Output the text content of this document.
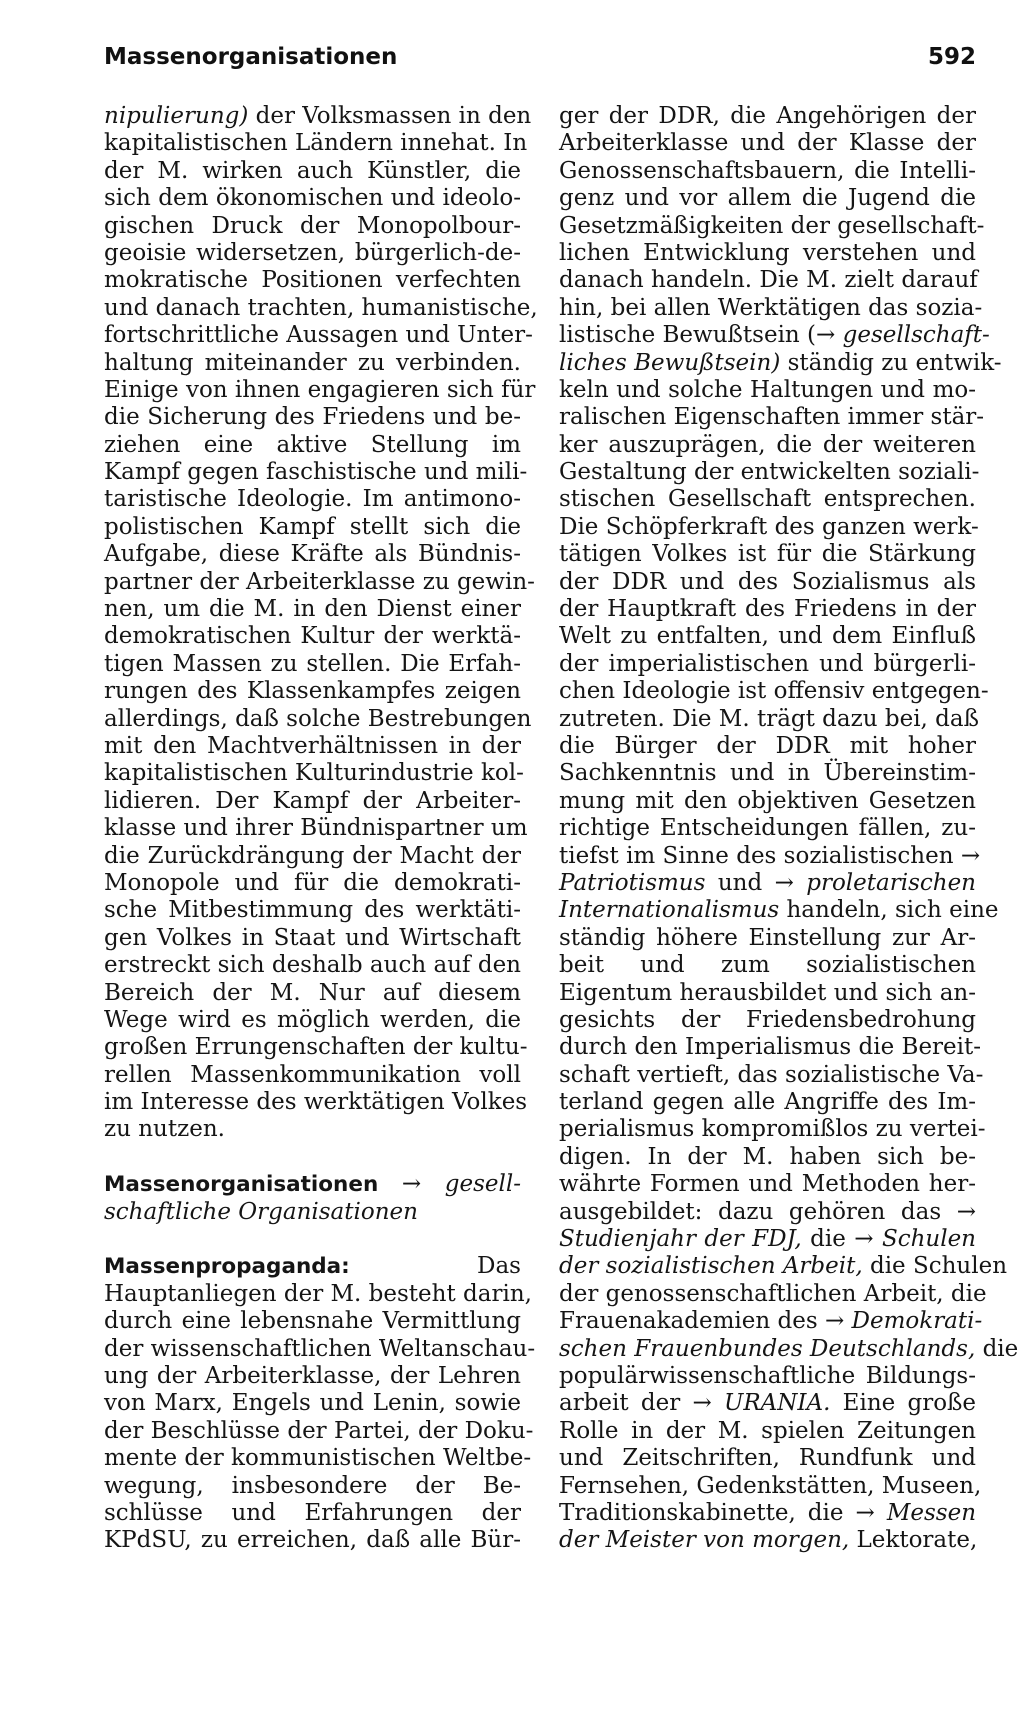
Massenorganisationen	592
nipulierung) der Volksmassen in den
kapitalistischen Ländern innehat. In
der M. wirken auch Künstler, die
sich dem ökonomischen und ideolo-
gischen Druck der Monopolbour-
geoisie widersetzen, bürgerlich-de-
mokratische Positionen verfechten
und danach trachten, humanistische,
fortschrittliche Aussagen und Unter-
haltung miteinander zu verbinden.
Einige von ihnen engagieren sich für
die Sicherung des Friedens und be-
ziehen eine aktive Stellung im
Kampf gegen faschistische und mili-
taristische Ideologie. Im antimono-
polistischen Kampf stellt sich die
Aufgabe, diese Kräfte als Bündnis-
partner der Arbeiterklasse zu gewin-
nen, um die M. in den Dienst einer
demokratischen Kultur der werktä-
tigen Massen zu stellen. Die Erfah-
rungen des Klassenkampfes zeigen
allerdings, daß solche Bestrebungen
mit den Machtverhältnissen in der
kapitalistischen Kulturindustrie kol-
lidieren. Der Kampf der Arbeiter-
klasse und ihrer Bündnispartner um
die Zurückdrängung der Macht der
Monopole und für die demokrati-
sche Mitbestimmung des werktäti-
gen Volkes in Staat und Wirtschaft
erstreckt sich deshalb auch auf den
Bereich der M. Nur auf diesem
Wege wird es möglich werden, die
großen Errungenschaften der kultu-
rellen Massenkommunikation voll
im Interesse des werktätigen Volkes
zu nutzen.
Massenorganisationen → gesell-
schaftliche Organisationen
Massenpropaganda:	Das
Hauptanliegen der M. besteht darin,
durch eine lebensnahe Vermittlung
der wissenschaftlichen Weltanschau-
ung der Arbeiterklasse, der Lehren
von Marx, Engels und Lenin, sowie
der Beschlüsse der Partei, der Doku-
mente der kommunistischen Weltbe-
wegung, insbesondere der Be-
schlüsse und Erfahrungen der
KPdSU, zu erreichen, daß alle Bür-
ger der DDR, die Angehörigen der
Arbeiterklasse und der Klasse der
Genossenschaftsbauern, die Intelli-
genz und vor allem die Jugend die
Gesetzmäßigkeiten der gesellschaft-
lichen Entwicklung verstehen und
danach handeln. Die M. zielt darauf
hin, bei allen Werktätigen das sozia-
listische Bewußtsein (→ gesellschaft-
liches Bewußtsein) ständig zu entwik-
keln und solche Haltungen und mo-
ralischen Eigenschaften immer stär-
ker auszuprägen, die der weiteren
Gestaltung der entwickelten soziali-
stischen Gesellschaft entsprechen.
Die Schöpferkraft des ganzen werk-
tätigen Volkes ist für die Stärkung
der DDR und des Sozialismus als
der Hauptkraft des Friedens in der
Welt zu entfalten, und dem Einfluß
der imperialistischen und bürgerli-
chen Ideologie ist offensiv entgegen-
zutreten. Die M. trägt dazu bei, daß
die Bürger der DDR mit hoher
Sachkenntnis und in Übereinstim-
mung mit den objektiven Gesetzen
richtige Entscheidungen fällen, zu-
tiefst im Sinne des sozialistischen →
Patriotismus und → proletarischen
Internationalismus handeln, sich eine
ständig höhere Einstellung zur Ar-
beit und zum sozialistischen
Eigentum herausbildet und sich an-
gesichts der Friedensbedrohung
durch den Imperialismus die Bereit-
schaft vertieft, das sozialistische Va-
terland gegen alle Angriffe des Im-
perialismus kompromißlos zu vertei-
digen. In der M. haben sich be-
währte Formen und Methoden her-
ausgebildet: dazu gehören das →
Studienjahr der FDJ, die → Schulen
der sozialistischen Arbeit, die Schulen
der genossenschaftlichen Arbeit, die
Frauenakademien des → Demokrati-
schen Frauenbundes Deutschlands, die
populärwissenschaftliche Bildungs-
arbeit der → URANIA. Eine große
Rolle in der M. spielen Zeitungen
und Zeitschriften, Rundfunk und
Fernsehen, Gedenkstätten, Museen,
Traditionskabinette, die → Messen
der Meister von morgen, Lektorate,
